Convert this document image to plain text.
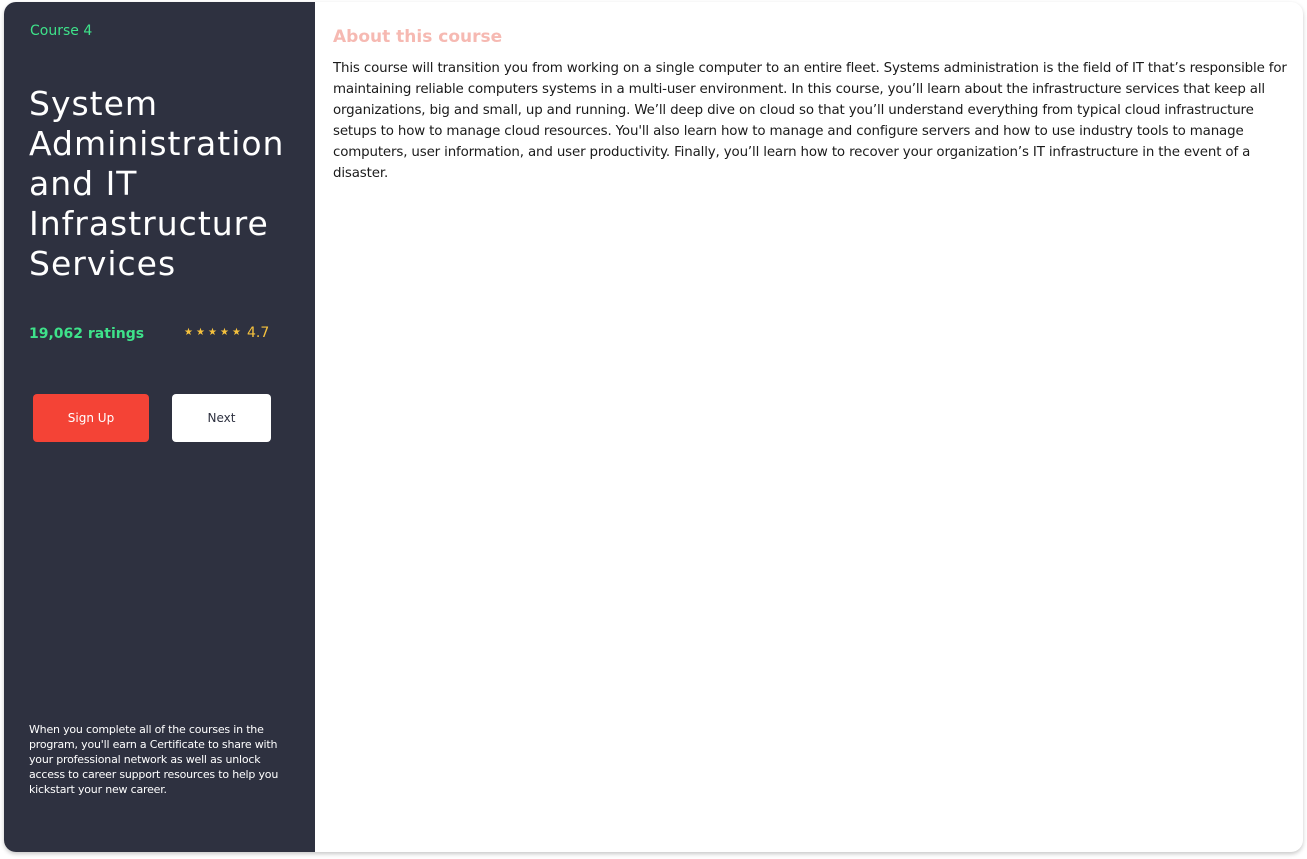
Course 4
System Administration and IT Infrastructure Services
19,062 ratings	★ ★ ★ ★ ★ 4.7
Sign Up	Next

When you complete all of the courses in the program, you'll earn a Certificate to share with your professional network as well as unlock access to career support resources to help you kickstart your new career.

About this course

This course will transition you from working on a single computer to an entire fleet. Systems administration is the field of IT that’s responsible for maintaining reliable computers systems in a multi-user environment. In this course, you’ll learn about the infrastructure services that keep all organizations, big and small, up and running. We’ll deep dive on cloud so that you’ll understand everything from typical cloud infrastructure setups to how to manage cloud resources. You'll also learn how to manage and configure servers and how to use industry tools to manage computers, user information, and user productivity. Finally, you’ll learn how to recover your organization’s IT infrastructure in the event of a disaster.
